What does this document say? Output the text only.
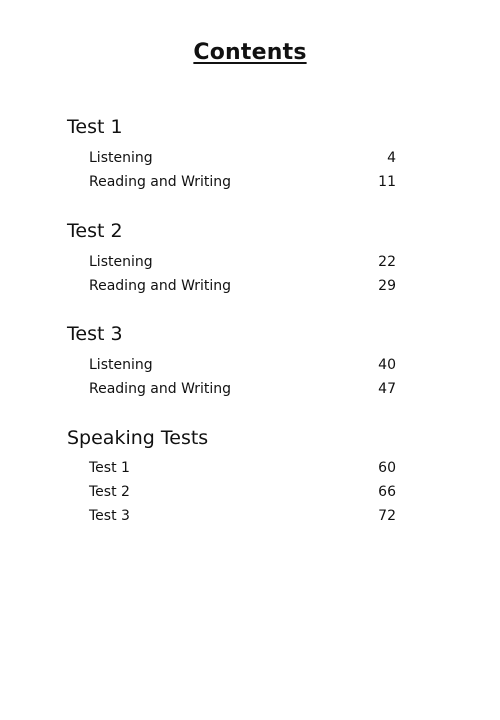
Contents
Test 1
Listening	4
Reading and Writing	11
Test 2
Listening	22
Reading and Writing	29
Test 3
Listening	40
Reading and Writing	47
Speaking Tests
Test 1	60
Test 2	66
Test 3	72
